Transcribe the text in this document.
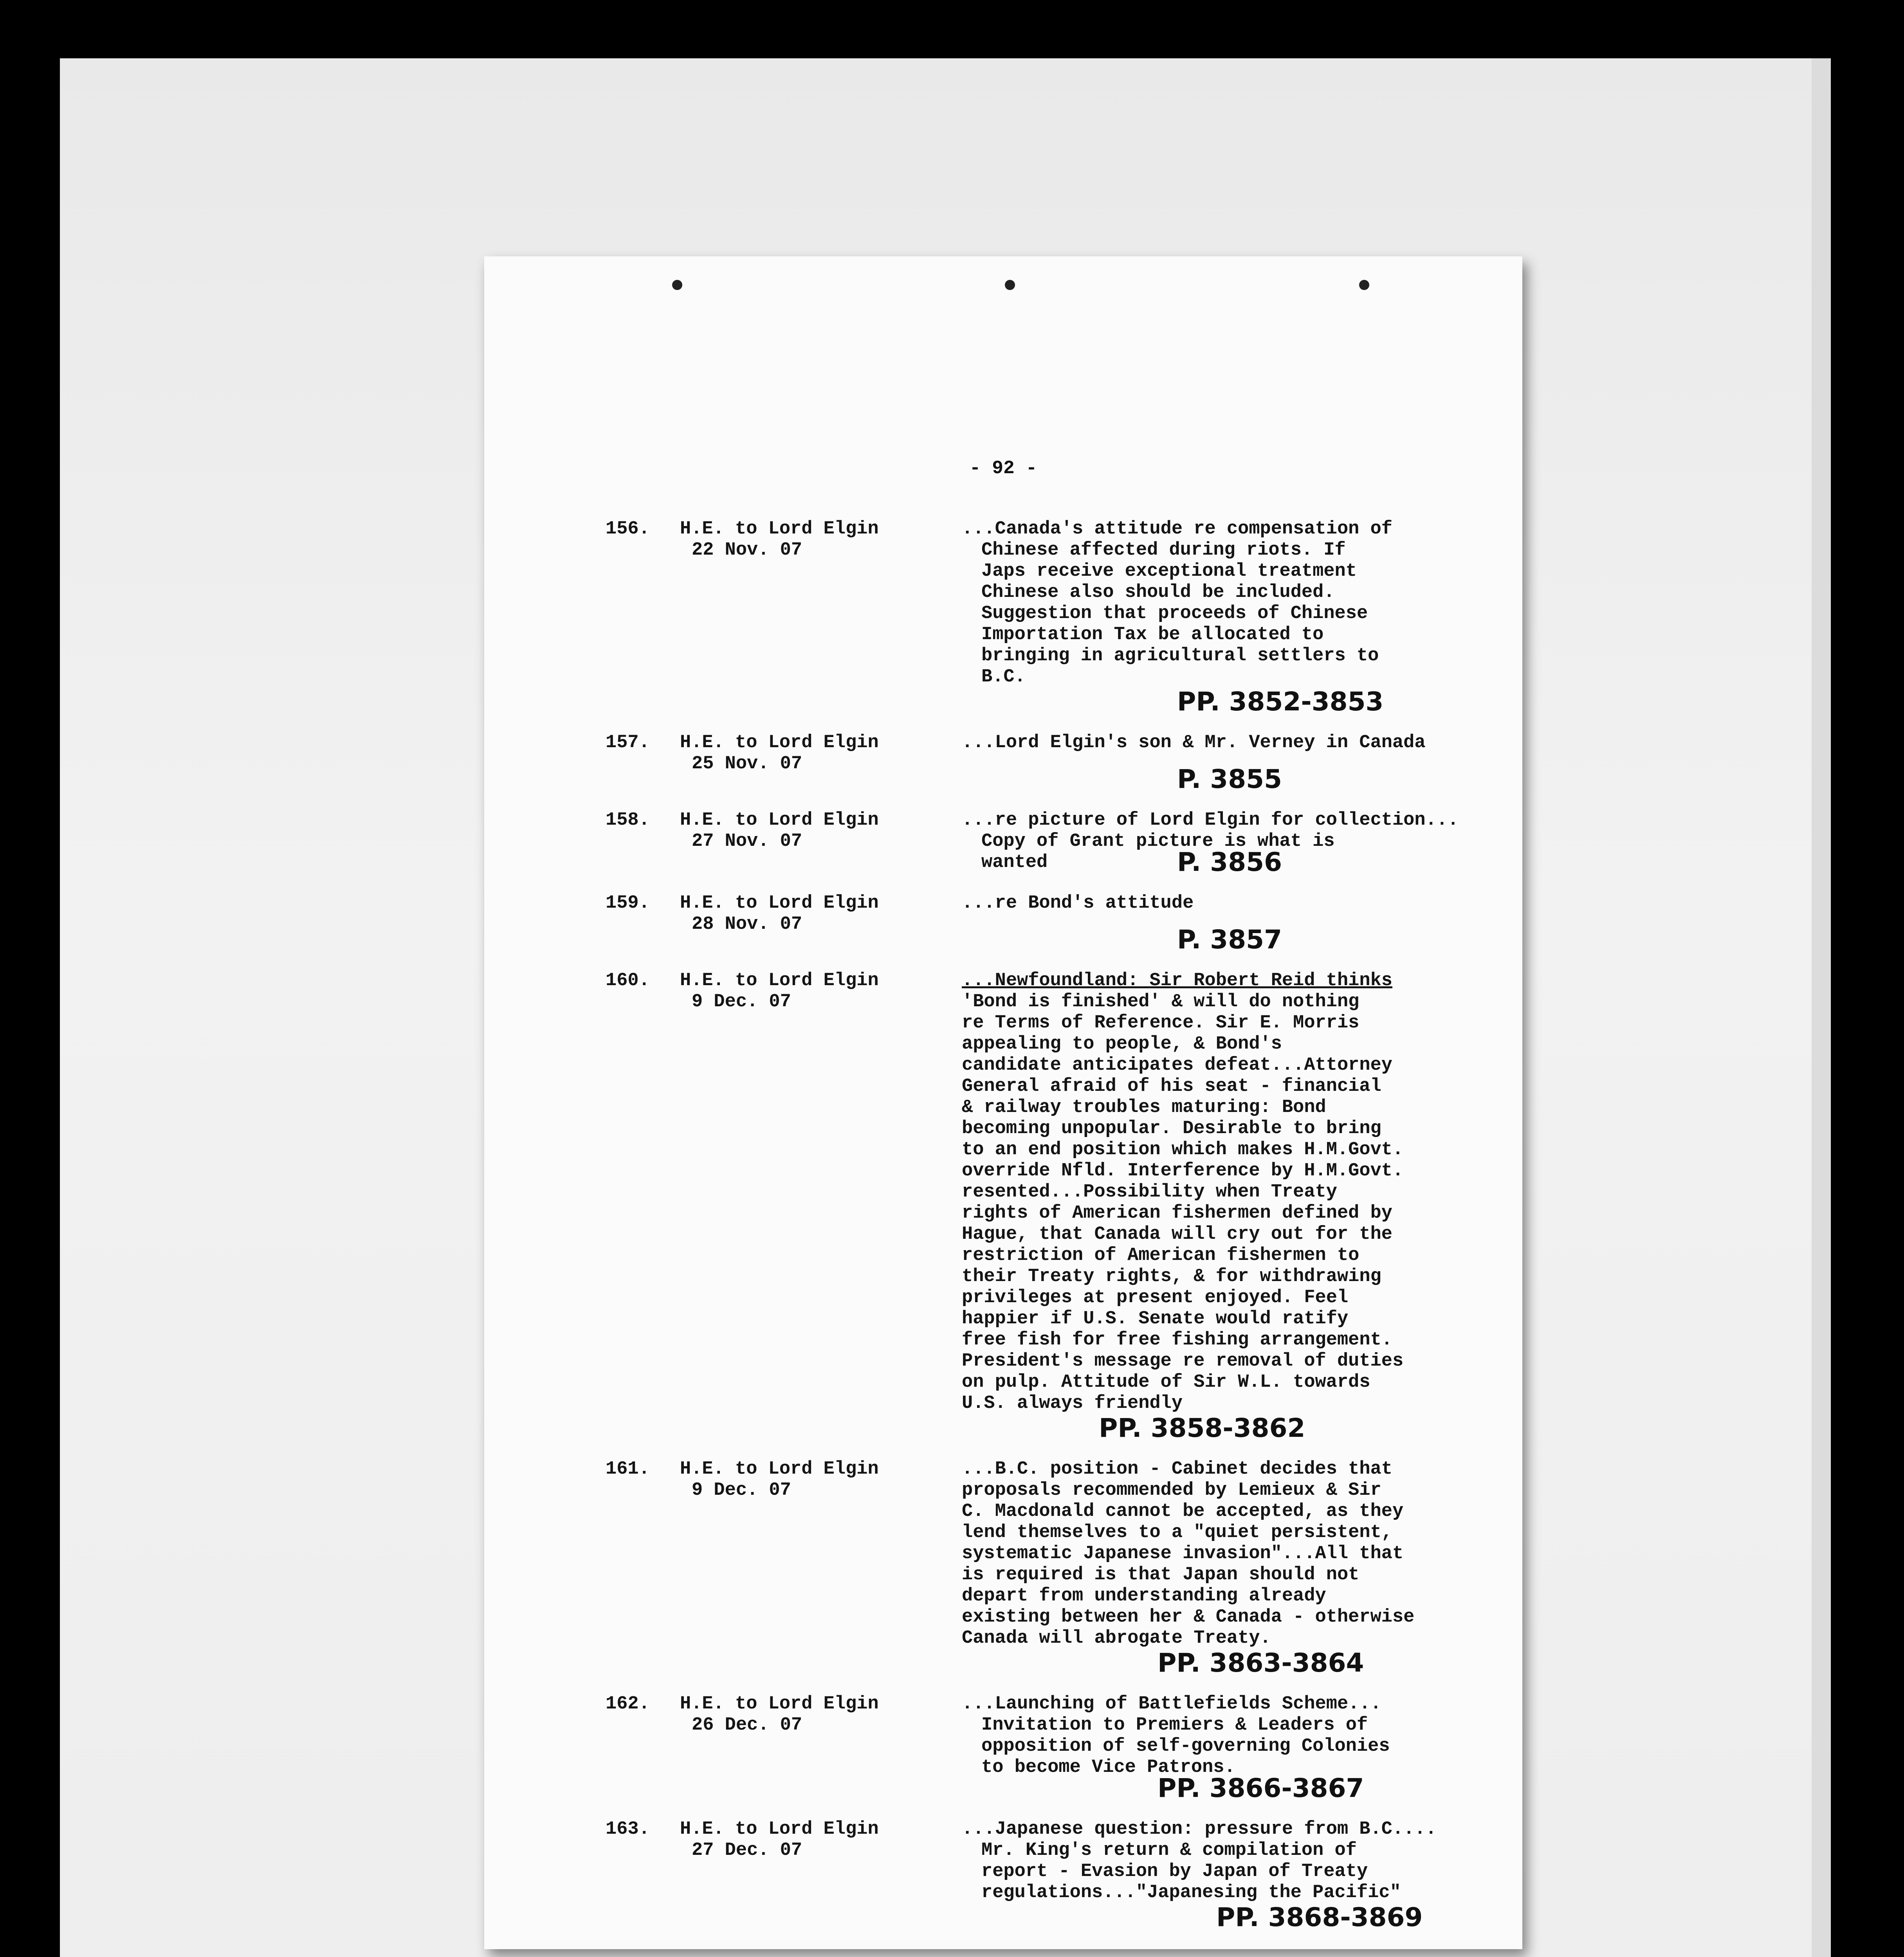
- 92 -
156.	H.E. to Lord Elgin	...Canada's attitude re compensation of
22 Nov. 07	Chinese affected during riots. If
Japs receive exceptional treatment
Chinese also should be included.
Suggestion that proceeds of Chinese
Importation Tax be allocated to
bringing in agricultural settlers to
B.C.
PP. 3852-3853
157.	H.E. to Lord Elgin	...Lord Elgin's son & Mr. Verney in Canada
25 Nov. 07
P. 3855
158.	H.E. to Lord Elgin	...re picture of Lord Elgin for collection...
27 Nov. 07	Copy of Grant picture is what is
wanted	P. 3856
159.	H.E. to Lord Elgin	...re Bond's attitude
28 Nov. 07
P. 3857
160.	H.E. to Lord Elgin	...Newfoundland: Sir Robert Reid thinks
9 Dec. 07	'Bond is finished' & will do nothing
re Terms of Reference. Sir E. Morris
appealing to people, & Bond's
candidate anticipates defeat...Attorney
General afraid of his seat - financial
& railway troubles maturing: Bond
becoming unpopular. Desirable to bring
to an end position which makes H.M.Govt.
override Nfld. Interference by H.M.Govt.
resented...Possibility when Treaty
rights of American fishermen defined by
Hague, that Canada will cry out for the
restriction of American fishermen to
their Treaty rights, & for withdrawing
privileges at present enjoyed. Feel
happier if U.S. Senate would ratify
free fish for free fishing arrangement.
President's message re removal of duties
on pulp. Attitude of Sir W.L. towards
U.S. always friendly
PP. 3858-3862
161.	H.E. to Lord Elgin	...B.C. position - Cabinet decides that
9 Dec. 07	proposals recommended by Lemieux & Sir
C. Macdonald cannot be accepted, as they
lend themselves to a "quiet persistent,
systematic Japanese invasion"...All that
is required is that Japan should not
depart from understanding already
existing between her & Canada - otherwise
Canada will abrogate Treaty.
PP. 3863-3864
162.	H.E. to Lord Elgin	...Launching of Battlefields Scheme...
26 Dec. 07	Invitation to Premiers & Leaders of
opposition of self-governing Colonies
to become Vice Patrons.
PP. 3866-3867
163.	H.E. to Lord Elgin	...Japanese question: pressure from B.C....
27 Dec. 07	Mr. King's return & compilation of
report - Evasion by Japan of Treaty
regulations..."Japanesing the Pacific"
PP. 3868-3869
